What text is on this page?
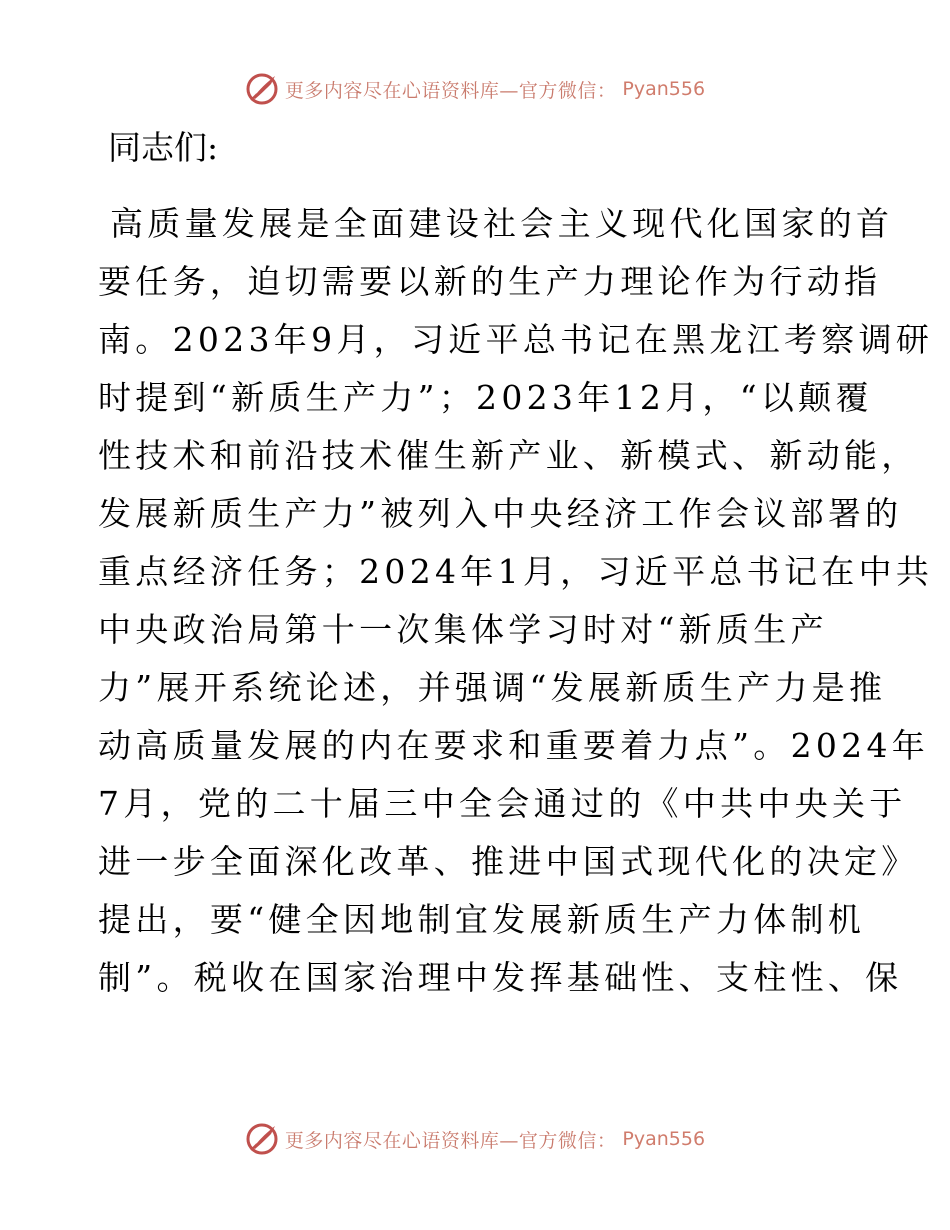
更多内容尽在心语资料库—官方微信： Pyan556

同志们:

高质量发展是全面建设社会主义现代化国家的首
要任务，迫切需要以新的生产力理论作为行动指
南。2023年9月，习近平总书记在黑龙江考察调研
时提到“新质生产力”；2023年12月，“以颠覆
性技术和前沿技术催生新产业、新模式、新动能，
发展新质生产力”被列入中央经济工作会议部署的
重点经济任务；2024年1月，习近平总书记在中共
中央政治局第十一次集体学习时对“新质生产
力”展开系统论述，并强调“发展新质生产力是推
动高质量发展的内在要求和重要着力点”。2024年
7月，党的二十届三中全会通过的《中共中央关于
进一步全面深化改革、推进中国式现代化的决定》
提出，要“健全因地制宜发展新质生产力体制机
制”。税收在国家治理中发挥基础性、支柱性、保
更多内容尽在心语资料库—官方微信： Pyan556
